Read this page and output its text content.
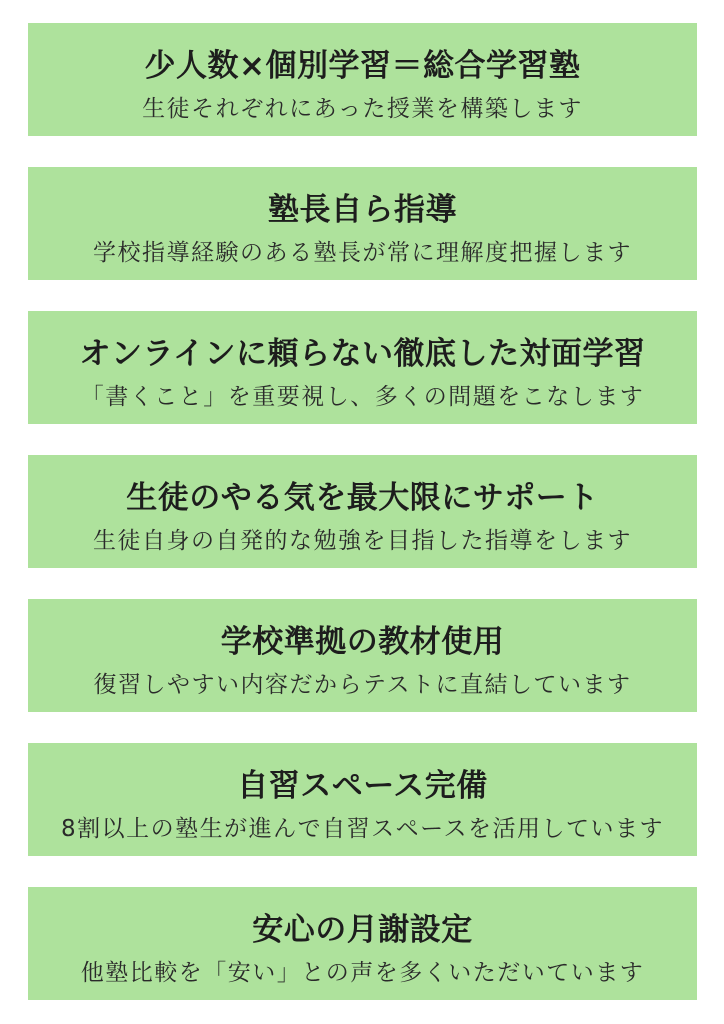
少人数×個別学習＝総合学習塾

生徒それぞれにあった授業を構築します

塾長自ら指導

学校指導経験のある塾長が常に理解度把握します

オンラインに頼らない徹底した対面学習

「書くこと」を重要視し、多くの問題をこなします

生徒のやる気を最大限にサポート

生徒自身の自発的な勉強を目指した指導をします

学校準拠の教材使用

復習しやすい内容だからテストに直結しています

自習スペース完備

8割以上の塾生が進んで自習スペースを活用しています

安心の月謝設定

他塾比較を「安い」との声を多くいただいています
